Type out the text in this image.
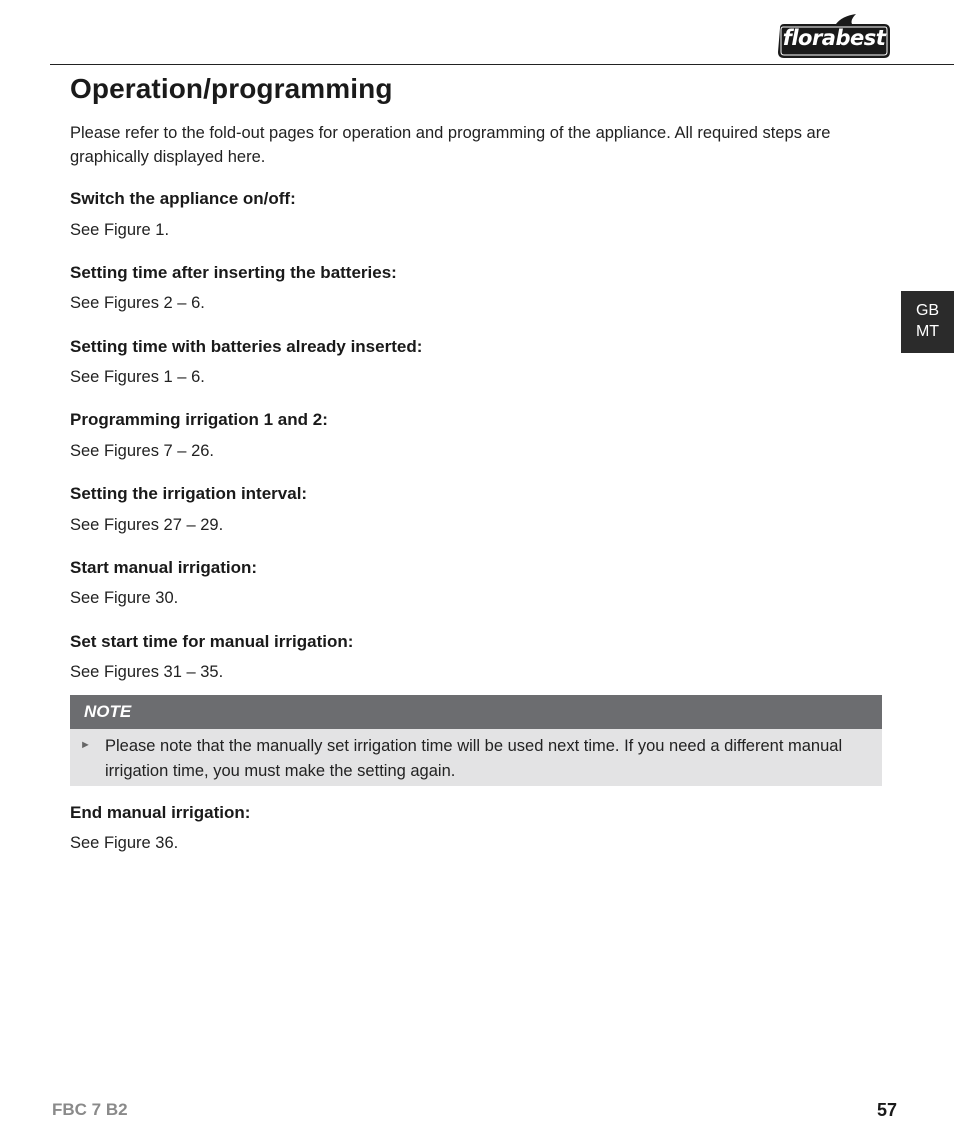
florabest
Operation/programming

Please refer to the fold-out pages for operation and programming of the appliance. All required steps are graphically displayed here.

Switch the appliance on/off:

See Figure 1.

Setting time after inserting the batteries:

See Figures 2 – 6.

Setting time with batteries already inserted:

See Figures 1 – 6.

Programming irrigation 1 and 2:

See Figures 7 – 26.

Setting the irrigation interval:

See Figures 27 – 29.

Start manual irrigation:

See Figure 30.

Set start time for manual irrigation:

See Figures 31 – 35.

NOTE
► Please note that the manually set irrigation time will be used next time. If you need a different manual irrigation time, you must make the setting again.

End manual irrigation:

See Figure 36.

GB
MT
FBC 7 B2	57
